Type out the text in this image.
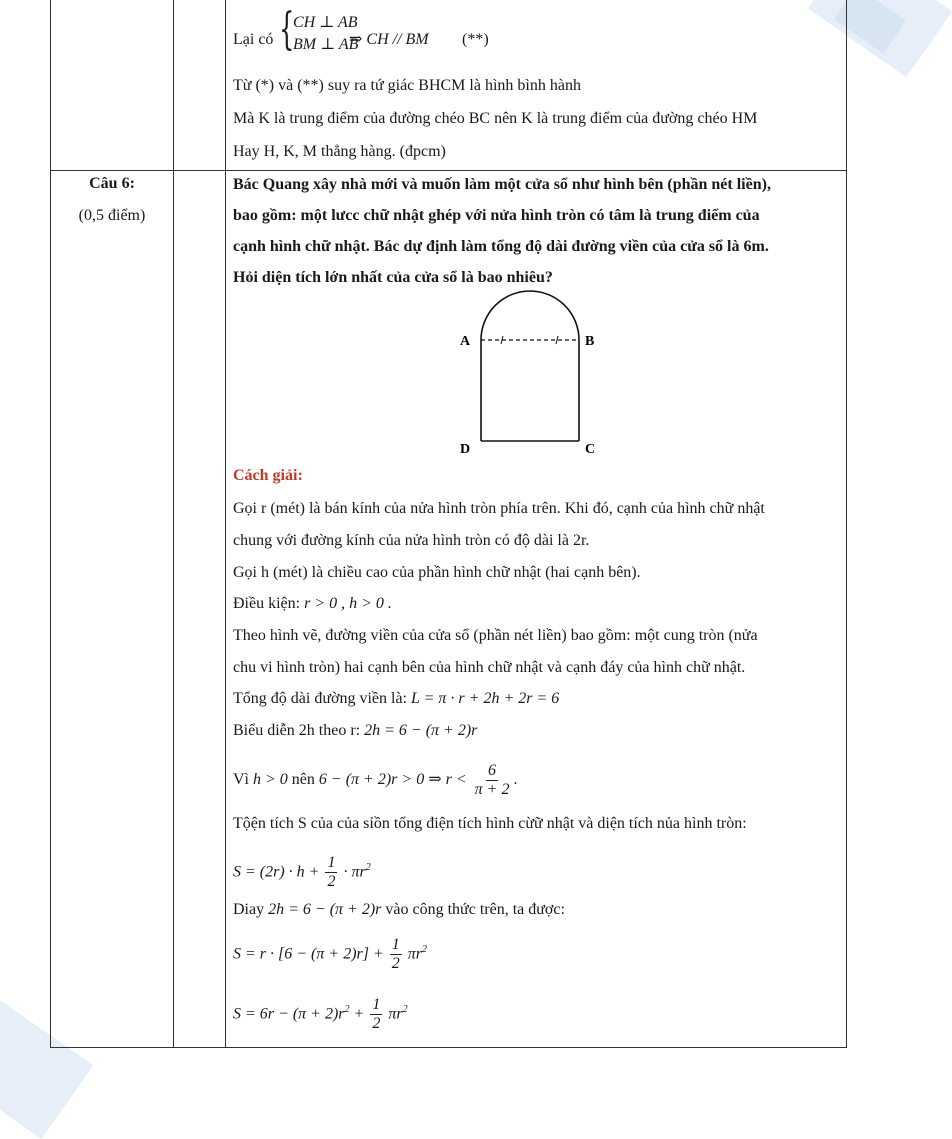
Lại có {
CH ⊥ AB
BM ⊥ AB
⇒ CH // BM (**)
Từ (*) và (**) suy ra tứ giác BHCM là hình bình hành
Mà K là trung điểm của đường chéo BC nên K là trung điểm của đường chéo HM
Hay H, K, M thẳng hàng. (đpcm)
Câu 6:
(0,5 điểm)
Bác Quang xây nhà mới và muốn làm một cửa sổ như hình bên (phần nét liền),
bao gồm: một lưcc chữ nhật ghép với nửa hình tròn có tâm là trung điểm của
cạnh hình chữ nhật. Bác dự định làm tổng độ dài đường viền của cửa sổ là 6m.
Hỏi diện tích lớn nhất của cửa sổ là bao nhiêu?
A	B
D	C
Cách giải:
Gọi r (mét) là bán kính của nửa hình tròn phía trên. Khi đó, cạnh của hình chữ nhật
chung với đường kính của nửa hình tròn có độ dài là 2r.
Gọi h (mét) là chiều cao của phần hình chữ nhật (hai cạnh bên).
Điều kiện: r > 0 , h > 0 .
Theo hình vẽ, đường viền của cửa sổ (phần nét liền) bao gồm: một cung tròn (nửa
chu vi hình tròn) hai cạnh bên của hình chữ nhật và cạnh đáy của hình chữ nhật.
Tổng độ dài đường viền là: L = π · r + 2h + 2r = 6
Biểu diễn 2h theo r: 2h = 6 − (π + 2)r
Vì h > 0 nên 6 − (π + 2)r > 0 ⇒ $r < \frac{6}{\pi + 2}$ .
Tộện tích S của của sỉồn tổng điện tích hình cừữ nhật và diện tích nủa hình tròn:
$S = (2r) \cdot h + \frac{1}{2} \cdot \pi r^2$
Diay 2h = 6 − (π + 2)r vào công thức trên, ta được:
$S = r \cdot [6 - (\pi + 2)r] + \frac{1}{2} \pi r^2$
$S = 6r - (\pi + 2)r^2 + \frac{1}{2} \pi r^2$
